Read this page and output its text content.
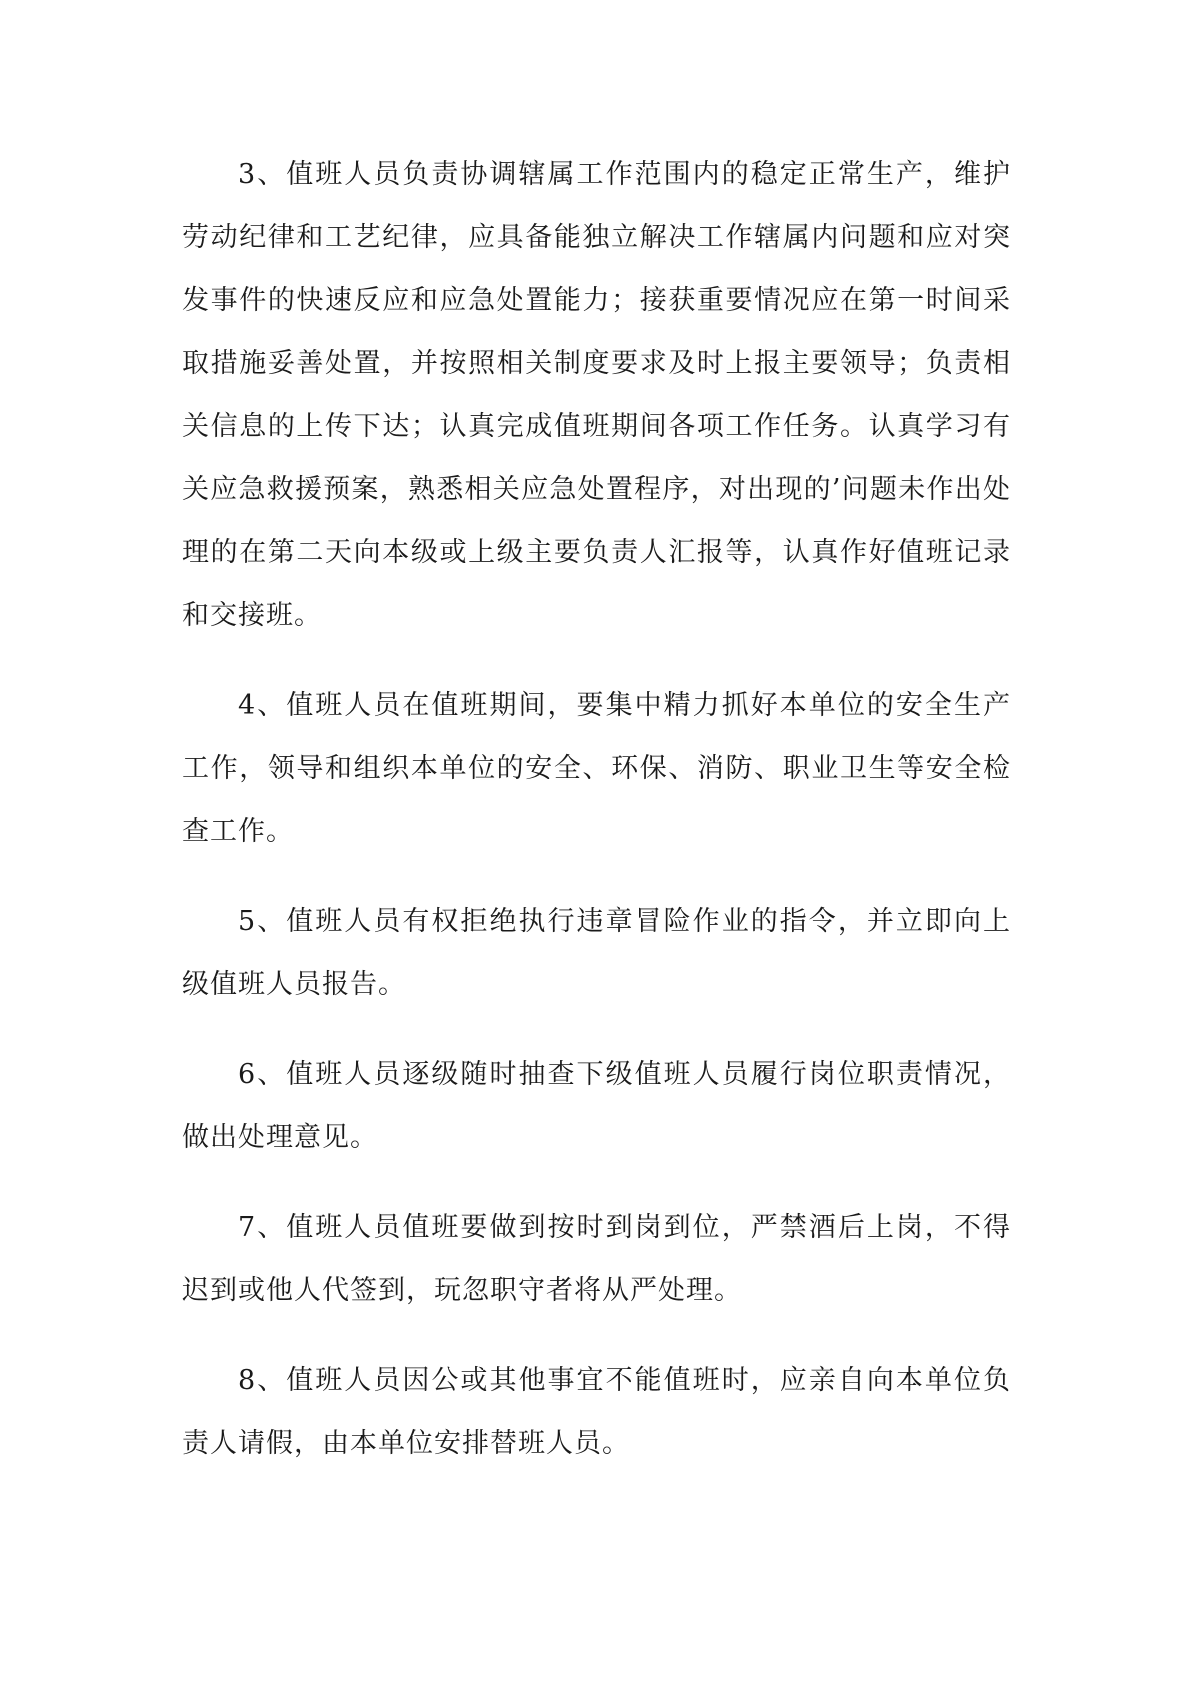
3、值班人员负责协调辖属工作范围内的稳定正常生产，维护劳动纪律和工艺纪律，应具备能独立解决工作辖属内问题和应对突发事件的快速反应和应急处置能力；接获重要情况应在第一时间采取措施妥善处置，并按照相关制度要求及时上报主要领导；负责相关信息的上传下达；认真完成值班期间各项工作任务。认真学习有关应急救援预案，熟悉相关应急处置程序，对出现的’问题未作出处理的在第二天向本级或上级主要负责人汇报等，认真作好值班记录和交接班。

4、值班人员在值班期间，要集中精力抓好本单位的安全生产工作，领导和组织本单位的安全、环保、消防、职业卫生等安全检查工作。

5、值班人员有权拒绝执行违章冒险作业的指令，并立即向上级值班人员报告。

6、值班人员逐级随时抽查下级值班人员履行岗位职责情况，做出处理意见。

7、值班人员值班要做到按时到岗到位，严禁酒后上岗，不得迟到或他人代签到，玩忽职守者将从严处理。

8、值班人员因公或其他事宜不能值班时，应亲自向本单位负责人请假，由本单位安排替班人员。
